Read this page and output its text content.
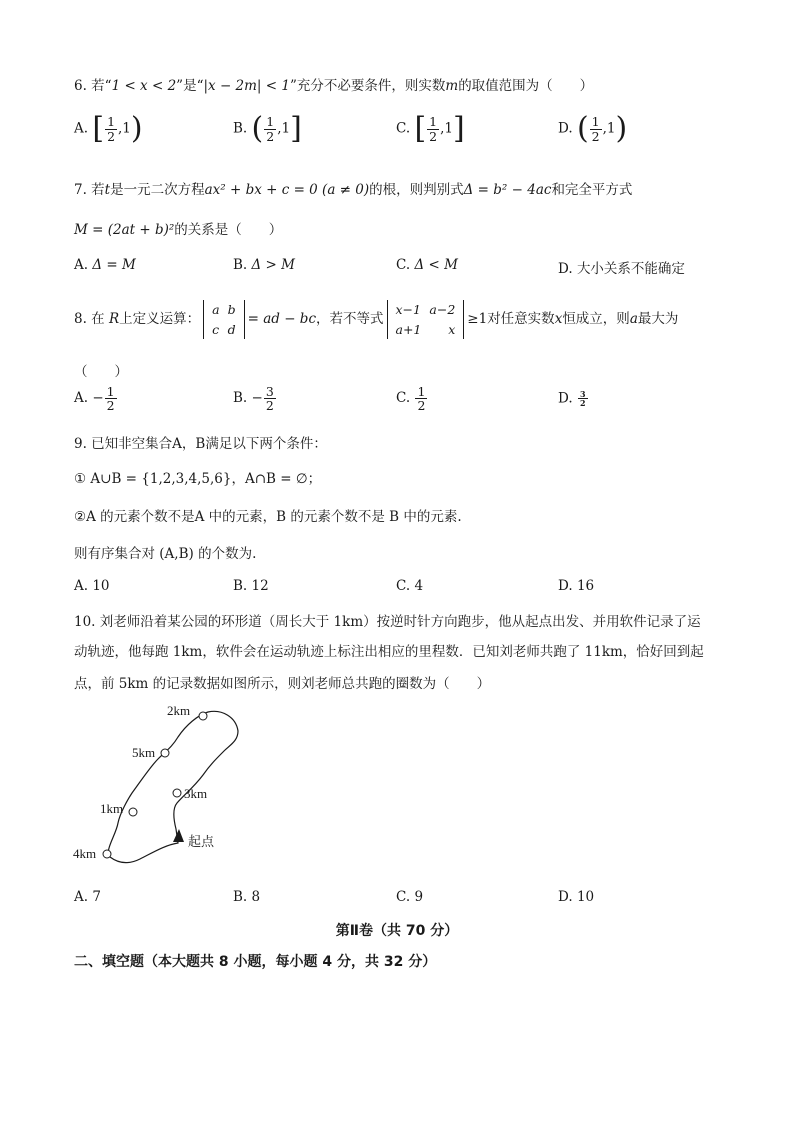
6. 若“1 < x < 2”是“|x − 2m| < 1”充分不必要条件，则实数m的取值范围为（　　）
A. [ $\frac{1}{2} ,1$)	B. ( $\frac{1}{2} ,1$]	C. [ $\frac{1}{2} ,1$]	D. ( $\frac{1}{2} ,1$)
7. 若t是一元二次方程ax² + bx + c = 0 (a ≠ 0)的根，则判别式Δ = b² − 4ac和完全平方式
M = (2at + b)²的关系是（　　）
A. Δ = M	B. Δ > M	C. Δ < M	D. 大小关系不能确定
8. 在 R上定义运算：
a	b
c	d
= ad − bc，若不等式
x−1	a−2
a+1	x
≥1对任意实数x恒成立，则a最大为
（　　）
A. − $\frac{1}{2}$	B. − $\frac{3}{2}$	C. $\frac{1}{2}$	D. $\frac{3}{2}$
9. 已知非空集合A，B满足以下两个条件：
① A∪B = {1,2,3,4,5,6}，A∩B = ∅；
②A 的元素个数不是A 中的元素，B 的元素个数不是 B 中的元素.
则有序集合对 (A,B) 的个数为.
A. 10	B. 12	C. 4	D. 16
10. 刘老师沿着某公园的环形道（周长大于 1km）按逆时针方向跑步，他从起点出发、并用软件记录了运
动轨迹，他每跑 1km，软件会在运动轨迹上标注出相应的里程数．已知刘老师共跑了 11km，恰好回到起
点，前 5km 的记录数据如图所示，则刘老师总共跑的圈数为（　　）
2km
5km
3km
1km
4km
起点
A. 7	B. 8	C. 9	D. 10
第Ⅱ卷（共 70 分）
二、填空题（本大题共 8 小题，每小题 4 分，共 32 分）
